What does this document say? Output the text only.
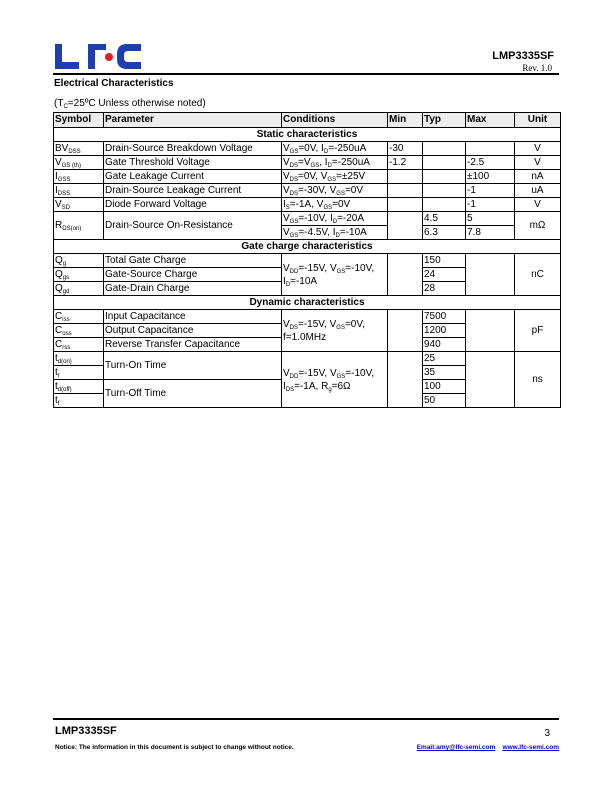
LMP3335SF
Rev. 1.0
Electrical Characteristics
($T_C=25ºC$ Unless otherwise noted)
Symbol	Parameter	Conditions	Min	Typ	Max	Unit
Static characteristics						
$BV_{DSS}$	Drain-Source Breakdown Voltage	$V_{GS}=0V$, $I_D=-250uA$	-30			V
$V_{GS (th)}$	Gate Threshold Voltage	$V_{DS}=V_{GS}$, $I_D=-250uA$	-1.2		-2.5	V
$I_{GSS}$	Gate Leakage Current	$V_{DS}=0V$, $V_{GS}=\pm 25V$			±100	nA
$I_{DSS}$	Drain-Source Leakage Current	$V_{DS}=-30V$, $V_{GS}=0V$			-1	uA
$V_{SD}$	Diode Forward Voltage	$I_S=-1A$, $V_{GS}=0V$			-1	V
$R_{DS(on)}$	Drain-Source On-Resistance	$V_{GS}=-10V$, $I_D=-20A$		4.5	5	mΩ
		$V_{GS}=-4.5V$, $I_D=-10A$		6.3	7.8	
Gate charge characteristics						
$Q_g$	Total Gate Charge	$V_{DD}=-15V$, $V_{GS}=-10V$, $I_D=-10A$		150		nC
$Q_{gs}$	Gate-Source Charge			24		
$Q_{gd}$	Gate-Drain Charge			28		
Dynamic characteristics						
$C_{iss}$	Input Capacitance	$V_{DS}=-15V$, $V_{GS}=0V$, f=1.0MHz		7500		pF
$C_{oss}$	Output Capacitance			1200		
$C_{rss}$	Reverse Transfer Capacitance			940		
$t_{d(on)}$	Turn-On Time	$V_{DD}=-15V$, $V_{GS}=-10V$, $I_{DS}=-1A$, $R_g=6\Omega$		25		ns
$t_r$				35		
$t_{d(off)}$	Turn-Off Time			100		
$t_f$				50		
LMP3335SF	3
Notice: The information in this document is subject to change without notice.	Email:amy@lfc-semi.com www.lfc-semi.com
